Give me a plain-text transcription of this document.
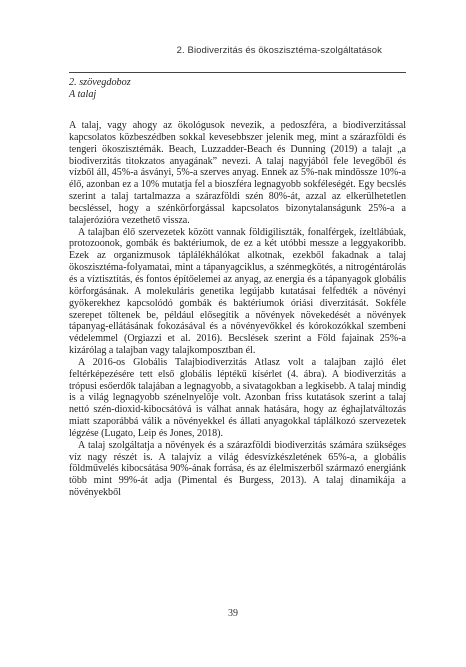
2. Biodiverzitás és ökoszisztéma-szolgáltatások
2. szövegdoboz
A talaj

A talaj, vagy ahogy az ökológusok nevezik, a pedoszféra, a biodiverzitással kapcsolatos közbeszédben sokkal kevesebbszer jelenik meg, mint a szárazföldi és tengeri ökoszisztémák. Beach, Luzzadder-Beach és Dunning (2019) a talajt „a biodiverzitás titokzatos anyagának” nevezi. A talaj nagyjából fele levegőből és vízből áll, 45%-a ásványi, 5%-a szerves anyag. Ennek az 5%-nak mindössze 10%-a élő, azonban ez a 10% mutatja fel a bioszféra legnagyobb sokféleségét. Egy becslés szerint a talaj tartalmazza a szárazföldi szén 80%-át, azzal az elkerülhetetlen becsléssel, hogy a szénkörforgással kapcsolatos bizonytalanságunk 25%-a a talajerózióra vezethető vissza.

A talajban élő szervezetek között vannak földigiliszták, fonalférgek, ízeltlábúak, protozoonok, gombák és baktériumok, de ez a két utóbbi messze a leggyakoribb. Ezek az organizmusok táplálékhálókat alkotnak, ezekből fakadnak a talaj ökoszisztéma-folyamatai, mint a tápanyagciklus, a szénmegkötés, a nitrogéntárolás és a víztisztítás, és fontos építőelemei az anyag, az energia és a tápanyagok globális körforgásának. A molekuláris genetika legújabb kutatásai felfedték a növényi gyökerekhez kapcsolódó gombák és baktériumok óriási diverzitását. Sokféle szerepet töltenek be, például elősegítik a növények növekedését a növények tápanyag-ellátásának fokozásával és a növényevőkkel és kórokozókkal szembeni védelemmel (Orgiazzi et al. 2016). Becslések szerint a Föld fajainak 25%-a kizárólag a talajban vagy talajkomposztban él.

A 2016-os Globális Talajbiodiverzitás Atlasz volt a talajban zajló élet feltérképezésére tett első globális léptékű kísérlet (4. ábra). A biodiverzitás a trópusi esőerdők talajában a legnagyobb, a sivatagokban a legkisebb. A talaj mindig is a világ legnagyobb szénelnyelője volt. Azonban friss kutatások szerint a talaj nettó szén-dioxid-kibocsátóvá is válhat annak hatására, hogy az éghajlatváltozás miatt szaporábbá válik a növényekkel és állati anyagokkal táplálkozó szervezetek légzése (Lugato, Leip és Jones, 2018).

A talaj szolgáltatja a növények és a szárazföldi biodiverzitás számára szükséges víz nagy részét is. A talajvíz a világ édesvízkészletének 65%-a, a globális földművelés kibocsátása 90%-ának forrása, és az élelmiszerből származó energiánk több mint 99%-át adja (Pimental és Burgess, 2013). A talaj dinamikája a növényekből

39
